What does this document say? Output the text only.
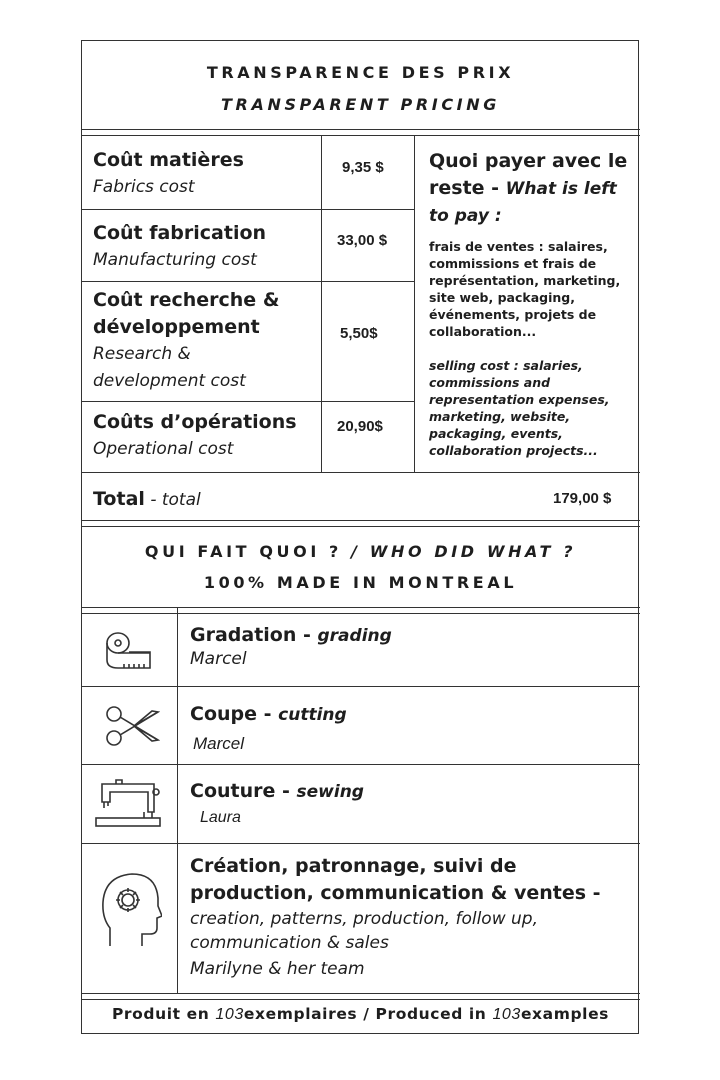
TRANSPARENCE DES PRIX
TRANSPARENT PRICING
Coût matières
Fabrics cost
9,35 $
Coût fabrication
Manufacturing cost
33,00 $
Coût recherche &
développement
Research &
development cost
5,50$
Coûts d’opérations
Operational cost
20,90$
Quoi payer avec le
reste - What is left
to pay :
frais de ventes : salaires, commissions et frais de représentation, marketing, site web, packaging, événements, projets de collaboration...
selling cost : salaries, commissions and representation expenses, marketing, website, packaging, events, collaboration projects...
Total - total	179,00 $
QUI FAIT QUOI ? / WHO DID WHAT ?
100% MADE IN MONTREAL
Gradation - grading
Marcel
Coupe - cutting
Marcel
Couture - sewing
Laura
Création, patronnage, suivi de
production, communication & ventes -
creation, patterns, production, follow up,
communication & sales
Marilyne & her team
Produit en 103exemplaires / Produced in 103examples
